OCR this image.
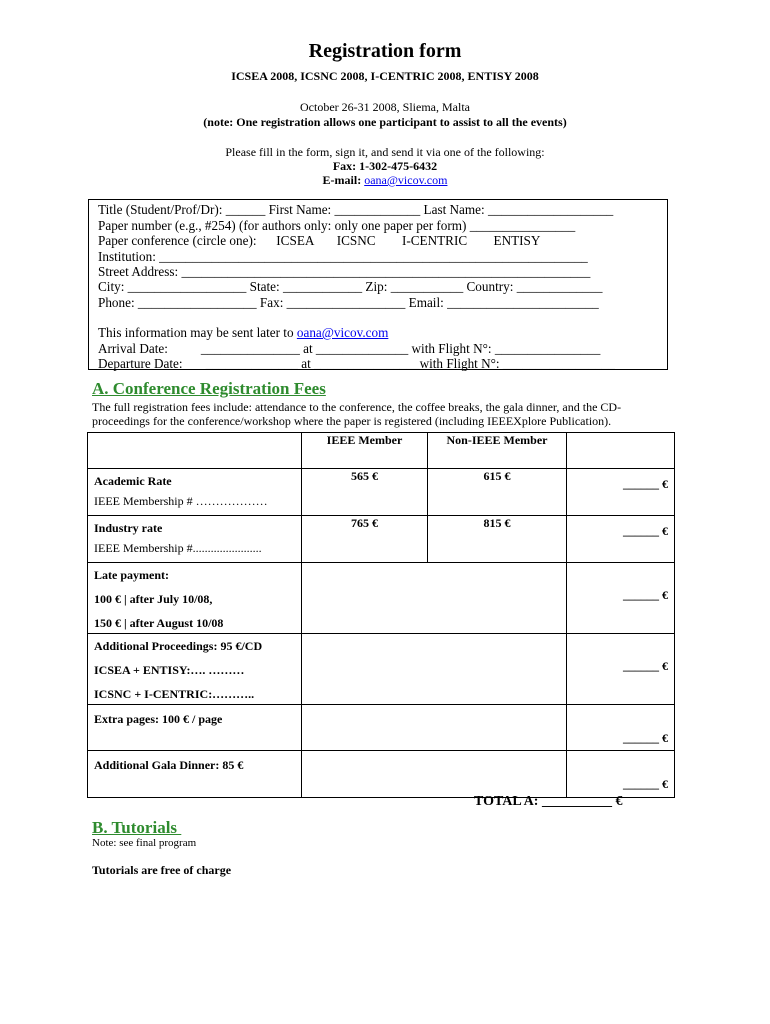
Registration form
ICSEA 2008, ICSNC 2008, I-CENTRIC 2008, ENTISY 2008
October 26-31 2008, Sliema, Malta
(note: One registration allows one participant to assist to all the events)
Please fill in the form, sign it, and send it via one of the following:
Fax: 1-302-475-6432
E-mail: oana@vicov.com
Title (Student/Prof/Dr): ______ First Name: _____________ Last Name: ___________________
Paper number (e.g., #254) (for authors only: only one paper per form) ________________
Paper conference (circle one):      ICSEA       ICSNC        I-CENTRIC        ENTISY
Institution: _________________________________________________________________
Street Address: ______________________________________________________________
City: __________________ State: ____________ Zip: ___________ Country: _____________
Phone: __________________ Fax: __________________ Email: _______________________
This information may be sent later to oana@vicov.com
Arrival Date:          _______________ at ______________ with Flight N°: ________________
Departure Date:       ______________ at ________________with Flight N°: _________________
A. Conference Registration Fees
The full registration fees include: attendance to the conference, the coffee breaks, the gala dinner, and the CD-
proceedings for the conference/workshop where the paper is registered (including IEEEXplore Publication).
	IEEE Member	Non-IEEE Member	

Academic Rate
IEEE Membership # ………………	565 €	615 €	______ €

Industry rate
IEEE Membership #.......................	765 €	815 €	______ €

Late payment:
100 € | after July 10/08,
150 € | after August 10/08			______ €

Additional Proceedings: 95 €/CD
ICSEA + ENTISY:…. ………
ICSNC + I-CENTRIC:………..			______ €

Extra pages: 100 € / page			______ €

Additional Gala Dinner: 85 €			______ €
TOTAL A: __________ €
B. Tutorials
Note: see final program
Tutorials are free of charge
